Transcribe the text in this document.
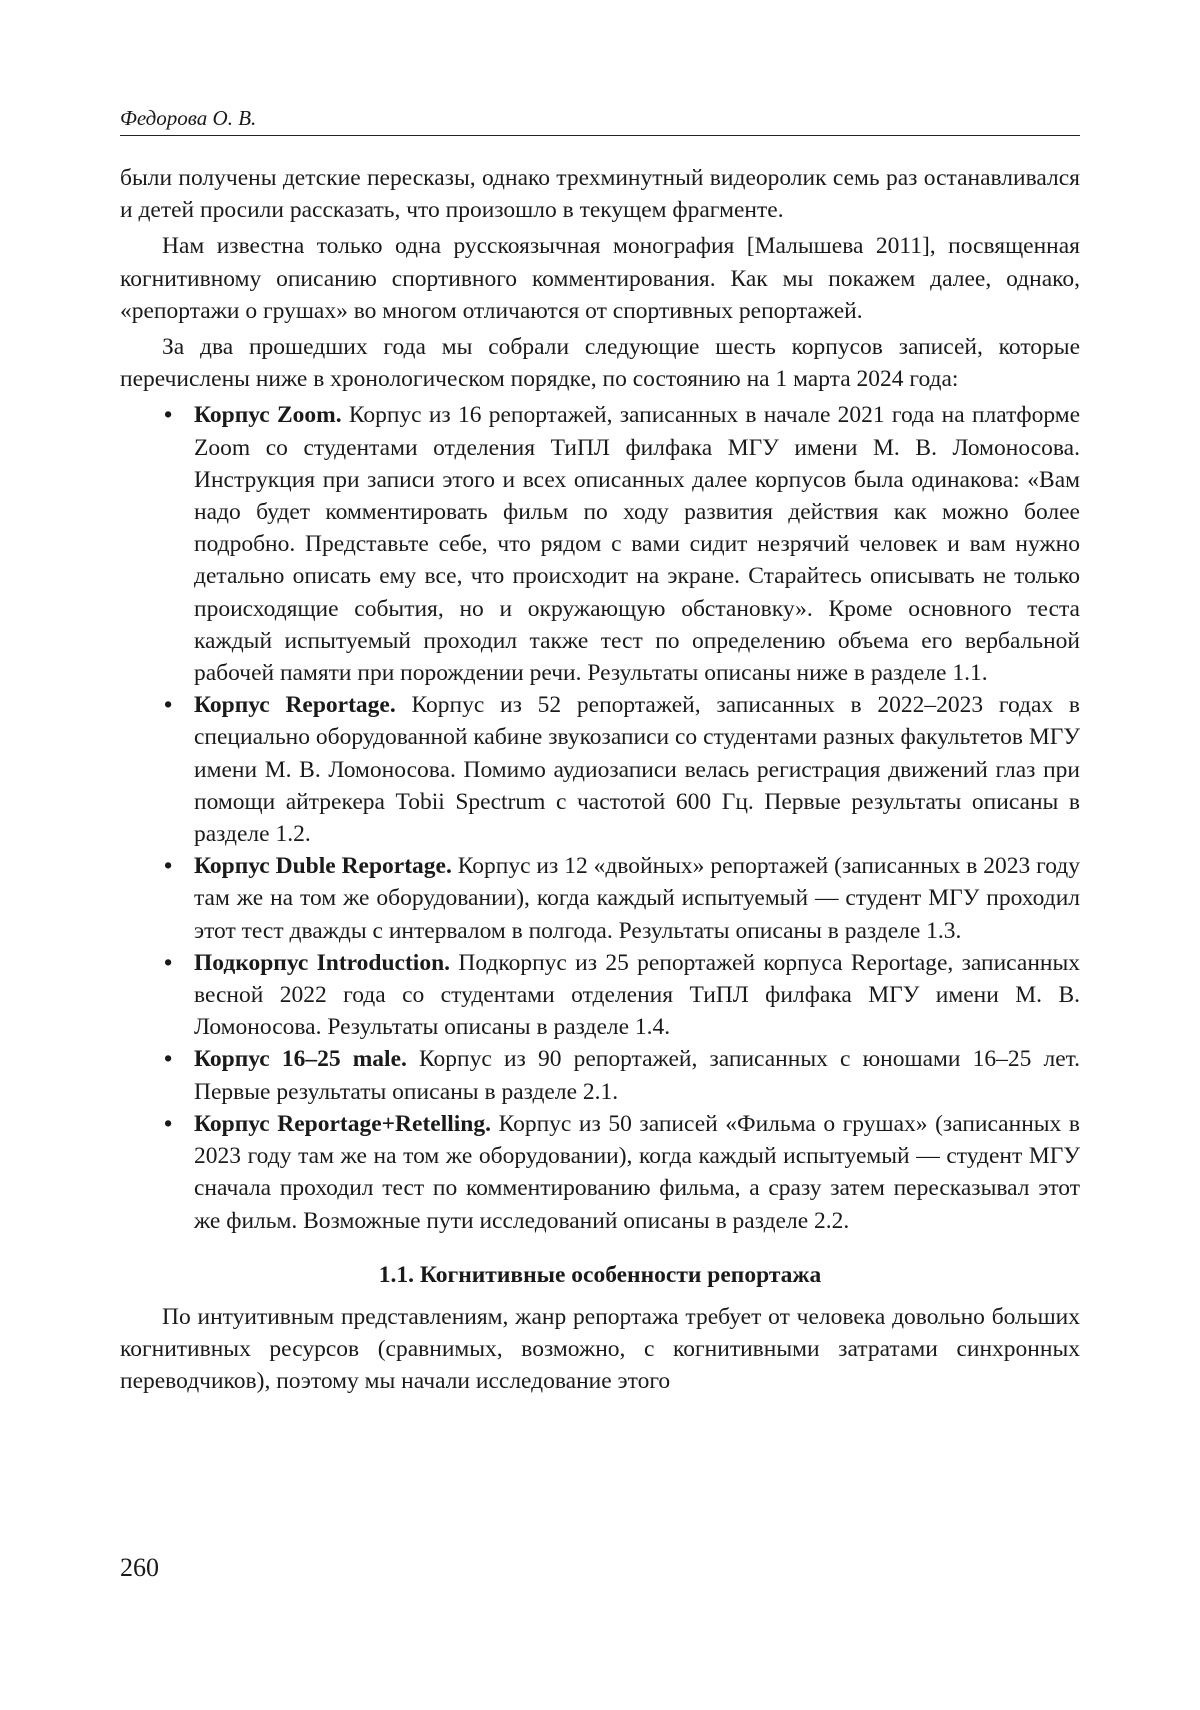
Федорова О. В.

были получены детские пересказы, однако трехминутный видеоролик семь раз останавливался и детей просили рассказать, что произошло в текущем фрагменте.

Нам известна только одна русскоязычная монография [Малышева 2011], посвященная когнитивному описанию спортивного комментирования. Как мы покажем далее, однако, «репортажи о грушах» во многом отличаются от спортивных репортажей.

За два прошедших года мы собрали следующие шесть корпусов записей, которые перечислены ниже в хронологическом порядке, по состоянию на 1 марта 2024 года:

• Корпус Zoom. Корпус из 16 репортажей, записанных в начале 2021 года на платформе Zoom со студентами отделения ТиПЛ филфака МГУ имени М. В. Ломоносова. Инструкция при записи этого и всех описанных далее корпусов была одинакова: «Вам надо будет комментировать фильм по ходу развития действия как можно более подробно. Представьте себе, что рядом с вами сидит незрячий человек и вам нужно детально описать ему все, что происходит на экране. Старайтесь описывать не только происходящие события, но и окружающую обстановку». Кроме основного теста каждый испытуемый проходил также тест по определению объема его вербальной рабочей памяти при порождении речи. Результаты описаны ниже в разделе 1.1.
• Корпус Reportage. Корпус из 52 репортажей, записанных в 2022–2023 годах в специально оборудованной кабине звукозаписи со студентами разных факультетов МГУ имени М. В. Ломоносова. Помимо аудиозаписи велась регистрация движений глаз при помощи айтрекера Tobii Spectrum с частотой 600 Гц. Первые результаты описаны в разделе 1.2.
• Корпус Duble Reportage. Корпус из 12 «двойных» репортажей (записанных в 2023 году там же на том же оборудовании), когда каждый испытуемый — студент МГУ проходил этот тест дважды с интервалом в полгода. Результаты описаны в разделе 1.3.
• Подкорпус Introduction. Подкорпус из 25 репортажей корпуса Reportage, записанных весной 2022 года со студентами отделения ТиПЛ филфака МГУ имени М. В. Ломоносова. Результаты описаны в разделе 1.4.
• Корпус 16–25 male. Корпус из 90 репортажей, записанных с юношами 16–25 лет. Первые результаты описаны в разделе 2.1.
• Корпус Reportage+Retelling. Корпус из 50 записей «Фильма о грушах» (записанных в 2023 году там же на том же оборудовании), когда каждый испытуемый — студент МГУ сначала проходил тест по комментированию фильма, а сразу затем пересказывал этот же фильм. Возможные пути исследований описаны в разделе 2.2.

1.1. Когнитивные особенности репортажа

По интуитивным представлениям, жанр репортажа требует от человека довольно больших когнитивных ресурсов (сравнимых, возможно, с когнитивными затратами синхронных переводчиков), поэтому мы начали исследование этого

260
